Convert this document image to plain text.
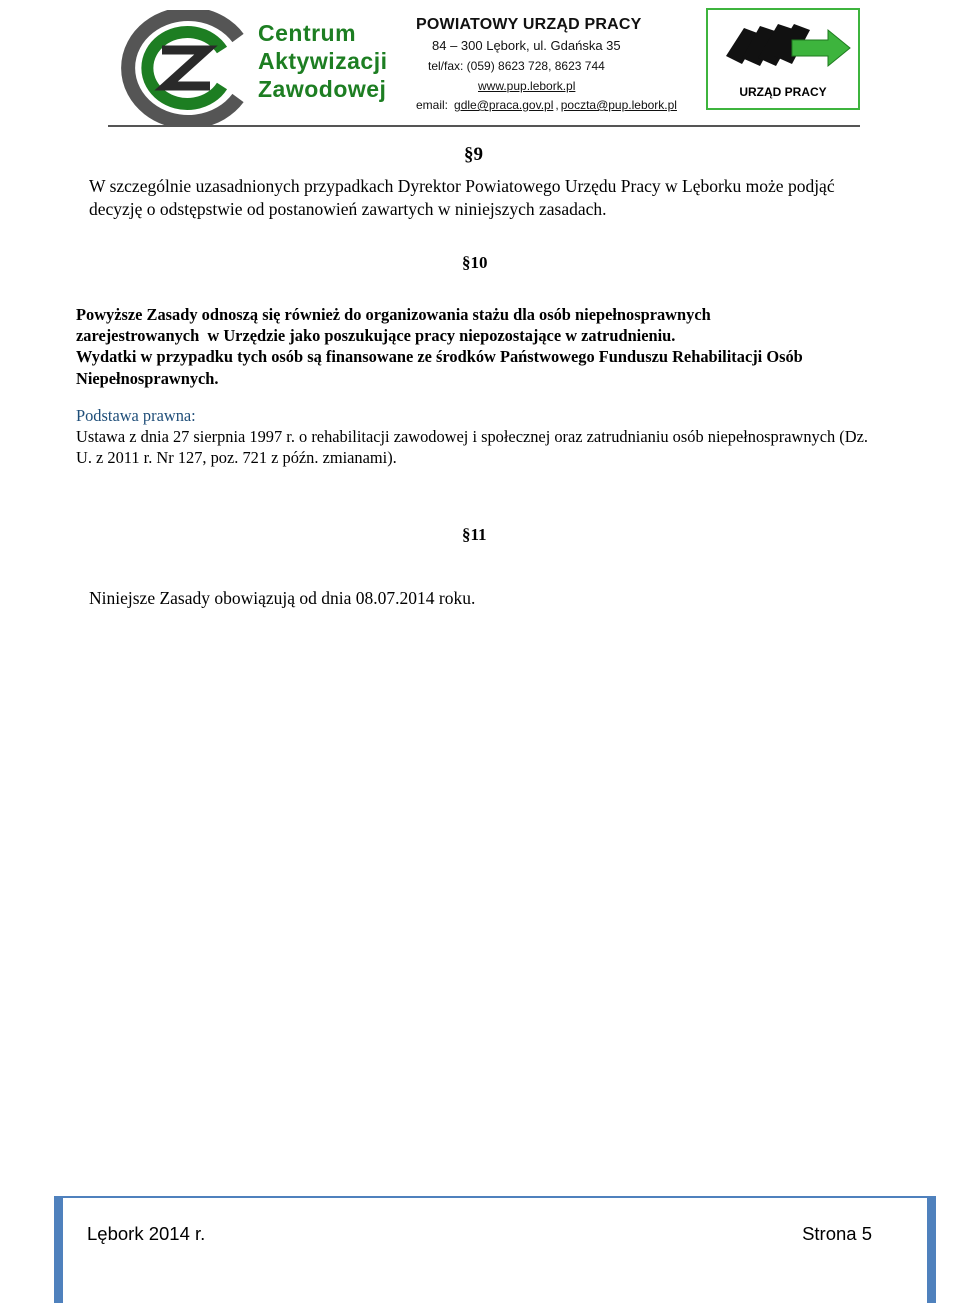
Centrum
Aktywizacji
Zawodowej
POWIATOWY URZĄD PRACY
84 – 300 Lębork, ul. Gdańska 35
tel/fax: (059) 8623 728, 8623 744
www.pup.lebork.pl
email: gdle@praca.gov.pl , poczta@pup.lebork.pl
URZĄD PRACY
§9
W szczególnie uzasadnionych przypadkach Dyrektor Powiatowego Urzędu Pracy w Lęborku może podjąć decyzję o odstępstwie od postanowień zawartych w niniejszych zasadach.
§10
Powyższe Zasady odnoszą się również do organizowania stażu dla osób niepełnosprawnych
zarejestrowanych  w Urzędzie jako poszukujące pracy niepozostające w zatrudnieniu.
Wydatki w przypadku tych osób są finansowane ze środków Państwowego Funduszu Rehabilitacji Osób Niepełnosprawnych.
Podstawa prawna:
Ustawa z dnia 27 sierpnia 1997 r. o rehabilitacji zawodowej i społecznej oraz zatrudnianiu osób niepełnosprawnych (Dz. U. z 2011 r. Nr 127, poz. 721 z późn. zmianami).
§11
Niniejsze Zasady obowiązują od dnia 08.07.2014 roku.
Lębork 2014 r.	Strona 5
